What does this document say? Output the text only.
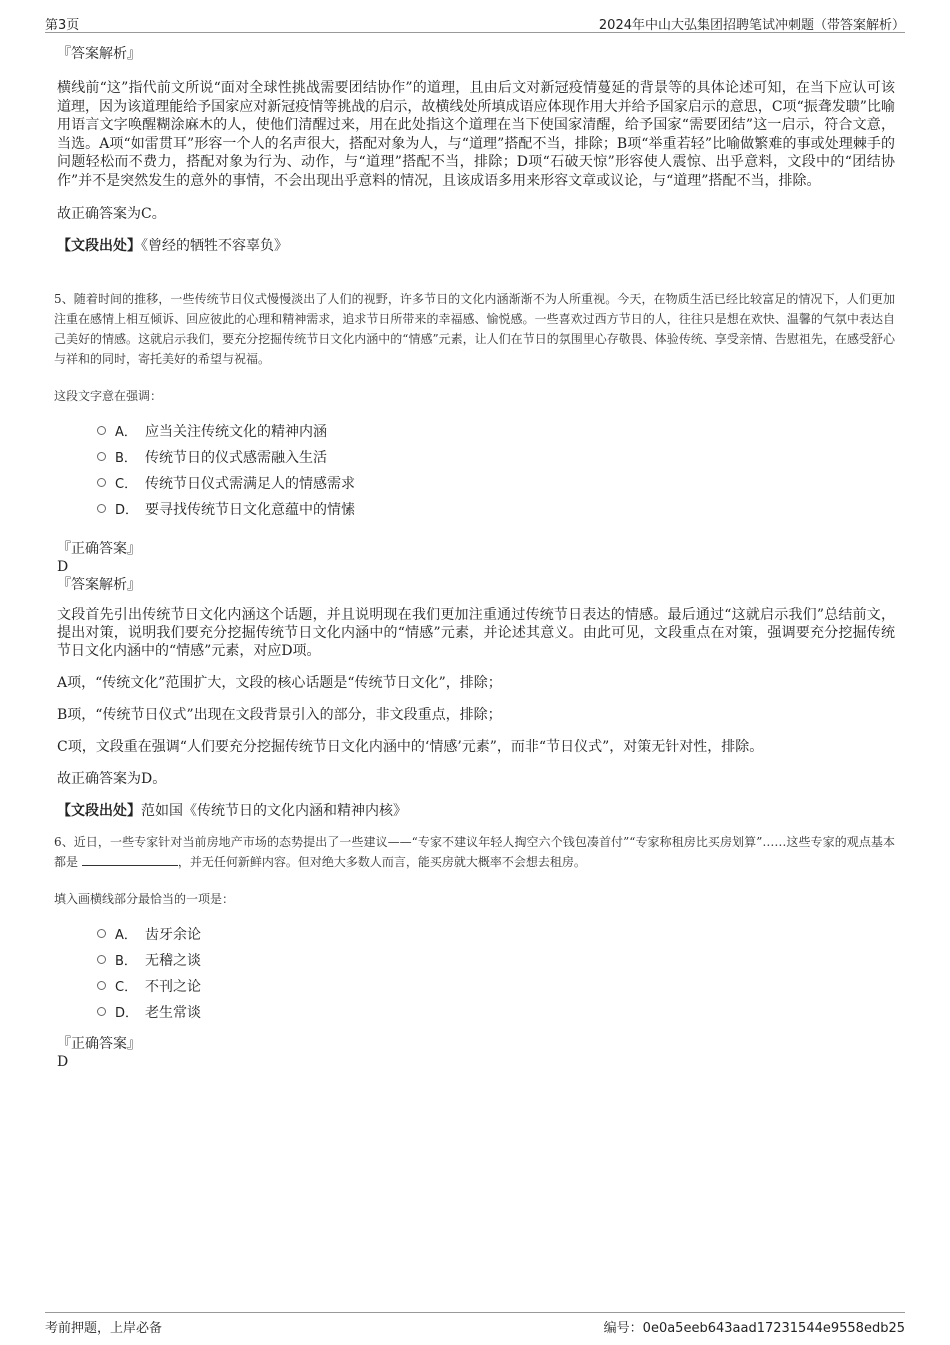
第3页	2024年中山大弘集团招聘笔试冲刺题（带答案解析）

『答案解析』

横线前“这”指代前文所说“面对全球性挑战需要团结协作”的道理，且由后文对新冠疫情蔓延的背景等的具体论述可知，在当下应认可该道理，因为该道理能给予国家应对新冠疫情等挑战的启示，故横线处所填成语应体现作用大并给予国家启示的意思，C项“振聋发聩”比喻用语言文字唤醒糊涂麻木的人，使他们清醒过来，用在此处指这个道理在当下使国家清醒，给予国家“需要团结”这一启示，符合文意，当选。A项“如雷贯耳”形容一个人的名声很大，搭配对象为人，与“道理”搭配不当，排除；B项“举重若轻”比喻做繁难的事或处理棘手的问题轻松而不费力，搭配对象为行为、动作，与“道理”搭配不当，排除；D项“石破天惊”形容使人震惊、出乎意料，文段中的“团结协作”并不是突然发生的意外的事情，不会出现出乎意料的情况，且该成语多用来形容文章或议论，与“道理”搭配不当，排除。

故正确答案为C。

【文段出处】《曾经的牺牲不容辜负》

5、随着时间的推移，一些传统节日仪式慢慢淡出了人们的视野，许多节日的文化内涵渐渐不为人所重视。今天，在物质生活已经比较富足的情况下，人们更加注重在感情上相互倾诉、回应彼此的心理和精神需求，追求节日所带来的幸福感、愉悦感。一些喜欢过西方节日的人，往往只是想在欢快、温馨的气氛中表达自己美好的情感。这就启示我们，要充分挖掘传统节日文化内涵中的“情感”元素，让人们在节日的氛围里心存敬畏、体验传统、享受亲情、告慰祖先，在感受舒心与祥和的同时，寄托美好的希望与祝福。

这段文字意在强调：

A． 应当关注传统文化的精神内涵
B． 传统节日的仪式感需融入生活
C． 传统节日仪式需满足人的情感需求
D． 要寻找传统节日文化意蕴中的情愫

『正确答案』

D

『答案解析』

文段首先引出传统节日文化内涵这个话题，并且说明现在我们更加注重通过传统节日表达的情感。最后通过“这就启示我们”总结前文，提出对策，说明我们要充分挖掘传统节日文化内涵中的“情感”元素，并论述其意义。由此可见，文段重点在对策，强调要充分挖掘传统节日文化内涵中的“情感”元素，对应D项。

A项，“传统文化”范围扩大，文段的核心话题是“传统节日文化”，排除；

B项，“传统节日仪式”出现在文段背景引入的部分，非文段重点，排除；

C项，文段重在强调“人们要充分挖掘传统节日文化内涵中的‘情感’元素”，而非“节日仪式”，对策无针对性，排除。

故正确答案为D。

【文段出处】范如国《传统节日的文化内涵和精神内核》

6、近日，一些专家针对当前房地产市场的态势提出了一些建议——“专家不建议年轻人掏空六个钱包凑首付”“专家称租房比买房划算”……这些专家的观点基本都是	，并无任何新鲜内容。但对绝大多数人而言，能买房就大概率不会想去租房。

填入画横线部分最恰当的一项是：

A． 齿牙余论
B． 无稽之谈
C． 不刊之论
D． 老生常谈

『正确答案』

D

考前押题，上岸必备	编号：0e0a5eeb643aad17231544e9558edb25
